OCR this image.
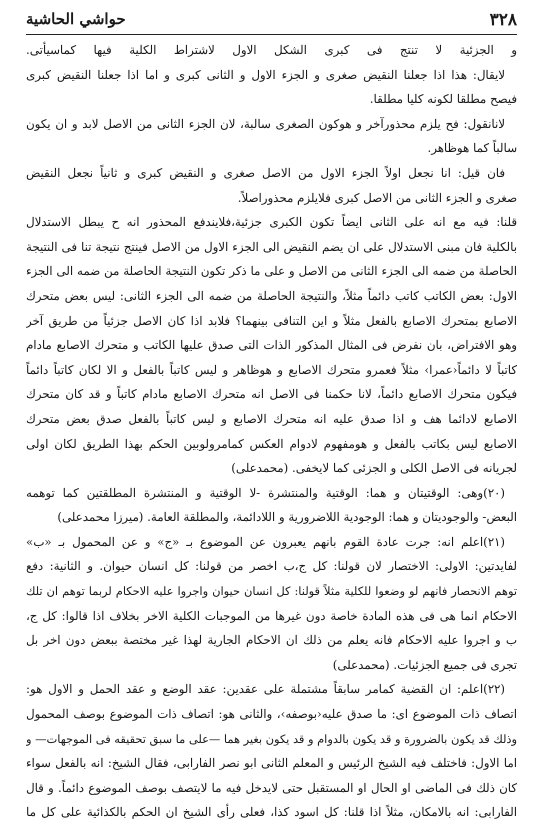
٣٢٨
حواشي الحاشية
و الجزئية لا تنتج فى كبرى الشكل الاول لاشتراط الكلية فيها كماسيأتى.
لايقال: هذا اذا جعلنا النقيض صغرى و الجزء الاول و الثانى كبرى و اما اذا جعلنا النقيض كبرى
فيصح مطلقا لكونه كليا مطلقا.
لانانقول: فح يلزم محذورآخر و هوكون الصغرى سالبة، لان الجزء الثانى من الاصل لابد و ان يكون
سالباً كما هوظاهر.
فان قيل: انا نجعل اولاً الجزء الاول من الاصل صغرى و النقيض كبرى و ثانياً نجعل النقيض
صغرى و الجزء الثانى من الاصل كبرى فلايلزم محذوراصلاً.
قلنا: فيه مع انه على الثانى ايضاً تكون الكبرى جزئية،فلايندفع المحذور انه ح يبطل الاستدلال
بالكلية فان مبنى الاستدلال على ان يضم النقيض الى الجزء الاول من الاصل فينتج نتيجة تنا فى النتيجة
الحاصلة من ضمه الى الجزء الثانى من الاصل و على ما ذكر تكون النتيجة الحاصلة من ضمه الى الجزء
الاول: بعض الكاتب كاتب دائماً مثلاً، والنتيجة الحاصلة من ضمه الى الجزء الثانى: ليس بعض متحرك
الاصابع بمتحرك الاصابع بالفعل مثلاً و اين التنافى بينهما؟ فلابد اذا كان الاصل جزئياً من طريق آخر
وهو الافتراض، بان نفرض فى المثال المذكور الذات التى صدق عليها الكاتب و متحرك الاصابع مادام
كاتباً لا دائماً‹عمرا› مثلاً فعمرو متحرك الاصابع و هوظاهر و ليس كاتباً بالفعل و الا لكان كاتباً دائماً
فيكون متحرك الاصابع دائماً، لانا حكمنا فى الاصل انه متحرك الاصابع مادام كاتباً و قد كان متحرك
الاصابع لادائما هف و اذا صدق عليه انه متحرك الاصابع و ليس كاتباً بالفعل صدق بعض متحرك
الاصابع ليس بكاتب بالفعل و هومفهوم لادوام العكس كمامرولوبين الحكم بهذا الطريق لكان اولى
لجريانه فى الاصل الكلى و الجزئى كما لايخفى. (محمدعلى)
(٢٠)وهى: الوقتيتان و هما: الوقتية والمنتشرة -لا الوقتية و المنتشرة المطلقتين كما توهمه
البعض- والوجوديتان و هما: الوجودية اللاضرورية و اللادائمة، والمطلقة العامة. (ميرزا محمدعلى)
(٢١)اعلم انه: جرت عادة القوم بانهم يعبرون عن الموضوع بـ «ج» و عن المحمول بـ «ب»
لفايدتين: الاولى: الاختصار لان قولنا: كل ج،ب اخصر من قولنا: كل انسان حيوان. و الثانية: دفع
توهم الانحصار فانهم لو وضعوا للكلية مثلاً قولنا: كل انسان حيوان واجروا عليه الاحكام لربما توهم ان تلك
الاحكام انما هى فى هذه المادة خاصة دون غيرها من الموجبات الكلية الاخر بخلاف اذا قالوا: كل ج،
ب و اجروا عليه الاحكام فانه يعلم من ذلك ان الاحكام الجارية لهذا غير مختصة ببعض دون اخر بل
تجرى فى جميع الجزئيات. (محمدعلى)
(٢٢)اعلم: ان القضية كمامر سابقاً مشتملة على عقدين: عقد الوضع و عقد الحمل و الاول هو:
اتصاف ذات الموضوع اى: ما صدق عليه‹بوصفه›، والثانى هو: اتصاف ذات الموضوع بوصف المحمول
وذلك قد يكون بالضرورة و قد يكون بالدوام و قد يكون بغير هما —على ما سبق تحقيقه فى الموجهات— و
اما الاول: فاختلف فيه الشيخ الرئيس و المعلم الثانى ابو نصر الفارابى، فقال الشيخ: انه بالفعل سواء
كان ذلك فى الماضى او الحال او المستقبل حتى لايدخل فيه ما لايتصف بوصف الموضوع دائماً. و قال
الفارابى: انه بالامكان، مثلاً اذا قلنا: كل اسود كذا، فعلى رأى الشيخ ان الحكم بالكذائية على كل ما
